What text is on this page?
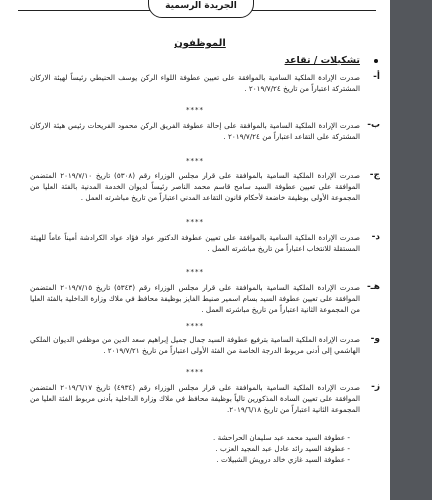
الجريدة الرسمية
الموظفون
تشكيلات / تقاعد
أ-
صدرت الإرادة الملكية السامية بالموافقة على تعيين عطوفة اللواء الركن يوسف الحنيطي رئيساً لهيئة الاركان المشتركة اعتباراً من تاريخ ٢٠١٩/٧/٢٤ .
****
ب-
صدرت الإرادة الملكية السامية بالموافقة على إحالة عطوفة الفريق الركن محمود الفريحات رئيس هيئة الاركان المشتركة على التقاعد اعتباراً من ٢٠١٩/٧/٢٤ .
****
ج-
صدرت الإرادة الملكية السامية بالموافقة على قرار مجلس الوزراء رقم (٥٣٠٨) تاريخ ٢٠١٩/٧/١٠ المتضمن الموافقة على تعيين عطوفة السيد سامح قاسم محمد الناصر رئيساً لديوان الخدمة المدنية بالفئة العليا من المجموعة الأولى بوظيفة خاضعة لأحكام قانون التقاعد المدني اعتباراً من تاريخ مباشرته العمل .
****
د-
صدرت الإرادة الملكية السامية بالموافقة على تعيين عطوفة الدكتور عواد فؤاد عواد الكرادشة أميناً عاماً للهيئة المستقلة للانتخاب اعتباراً من تاريخ مباشرته العمل .
****
هـ-
صدرت الإرادة الملكية السامية بالموافقة على قرار مجلس الوزراء رقم (٥٣٤٣) تاريخ ٢٠١٩/٧/١٥ المتضمن الموافقة على تعيين عطوفة السيد بسام اسمير صنيط الفايز بوظيفة محافظ في ملاك وزارة الداخلية بالفئة العليا من المجموعة الثانية اعتباراً من تاريخ مباشرته العمل .
****
و-
صدرت الإرادة الملكية السامية بترفيع عطوفة السيد جمال جميل إبراهيم سعد الدين من موظفي الديوان الملكي الهاشمي إلى أدنى مربوط الدرجة الخاصة من الفئة الأولى اعتباراً من تاريخ ٢٠١٩/٧/٢١ .
****
ز-
صدرت الإرادة الملكية السامية بالموافقة على قرار مجلس الوزراء رقم (٤٩٣٤) تاريخ ٢٠١٩/٦/١٧ المتضمن الموافقة على تعيين السادة المذكورين تالياً بوظيفة محافظ في ملاك وزارة الداخلية بأدنى مربوط الفئة العليا من المجموعة الثانية اعتباراً من تاريخ ٢٠١٩/٦/١٨.
- عطوفة السيد محمد عبد سليمان الحراحشة .
- عطوفة السيد رائد عادل عبد المجيد العزب .
- عطوفة السيد غازي خالد درويش الشبيلات .
